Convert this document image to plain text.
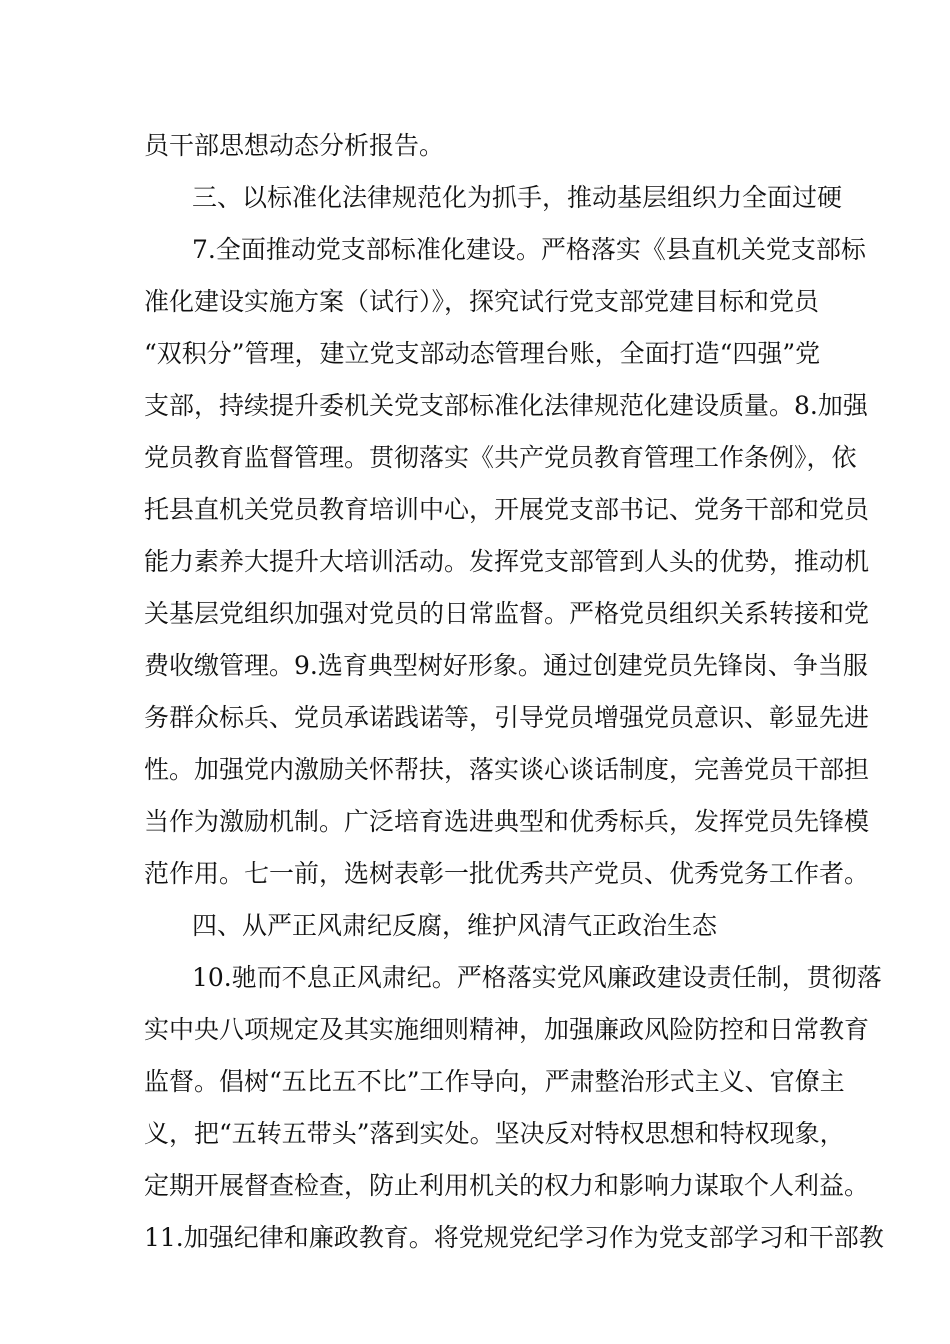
员干部思想动态分析报告。
三、以标准化法律规范化为抓手，推动基层组织力全面过硬
7.全面推动党支部标准化建设。严格落实《县直机关党支部标
准化建设实施方案（试行）》，探究试行党支部党建目标和党员
“双积分”管理，建立党支部动态管理台账，全面打造“四强”党
支部，持续提升委机关党支部标准化法律规范化建设质量。8.加强
党员教育监督管理。贯彻落实《共产党员教育管理工作条例》，依
托县直机关党员教育培训中心，开展党支部书记、党务干部和党员
能力素养大提升大培训活动。发挥党支部管到人头的优势，推动机
关基层党组织加强对党员的日常监督。严格党员组织关系转接和党
费收缴管理。9.选育典型树好形象。通过创建党员先锋岗、争当服
务群众标兵、党员承诺践诺等，引导党员增强党员意识、彰显先进
性。加强党内激励关怀帮扶，落实谈心谈话制度，完善党员干部担
当作为激励机制。广泛培育选进典型和优秀标兵，发挥党员先锋模
范作用。七一前，选树表彰一批优秀共产党员、优秀党务工作者。
四、从严正风肃纪反腐，维护风清气正政治生态
10.驰而不息正风肃纪。严格落实党风廉政建设责任制，贯彻落
实中央八项规定及其实施细则精神，加强廉政风险防控和日常教育
监督。倡树“五比五不比”工作导向，严肃整治形式主义、官僚主
义，把“五转五带头”落到实处。坚决反对特权思想和特权现象，
定期开展督查检查，防止利用机关的权力和影响力谋取个人利益。
11.加强纪律和廉政教育。将党规党纪学习作为党支部学习和干部教
